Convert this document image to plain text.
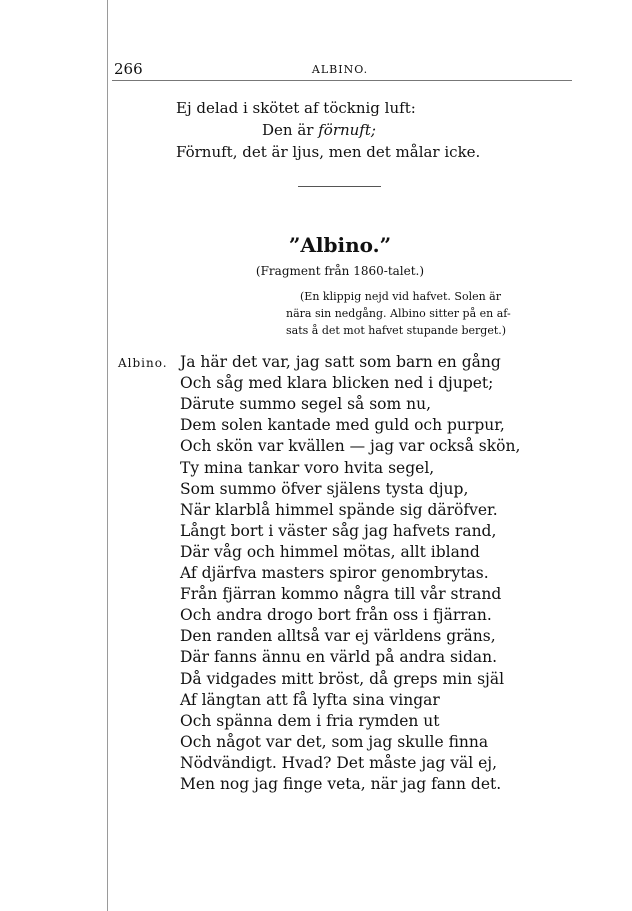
266	ALBINO.
Ej delad i skötet af töcknig luft:
Den är förnuft;
Förnuft, det är ljus, men det målar icke.
”Albino.”
(Fragment från 1860-talet.)
(En klippig nejd vid hafvet. Solen är
nära sin nedgång. Albino sitter på en af-
sats å det mot hafvet stupande berget.)
Albino. Ja här det var, jag satt som barn en gång
Och såg med klara blicken ned i djupet;
Därute summo segel så som nu,
Dem solen kantade med guld och purpur,
Och skön var kvällen — jag var också skön,
Ty mina tankar voro hvita segel,
Som summo öfver själens tysta djup,
När klarblå himmel spände sig däröfver.
Långt bort i väster såg jag hafvets rand,
Där våg och himmel mötas, allt ibland
Af djärfva masters spiror genombrytas.
Från fjärran kommo några till vår strand
Och andra drogo bort från oss i fjärran.
Den randen alltså var ej världens gräns,
Där fanns ännu en värld på andra sidan.
Då vidgades mitt bröst, då greps min själ
Af längtan att få lyfta sina vingar
Och spänna dem i fria rymden ut
Och något var det, som jag skulle finna
Nödvändigt. Hvad? Det måste jag väl ej,
Men nog jag finge veta, när jag fann det.
